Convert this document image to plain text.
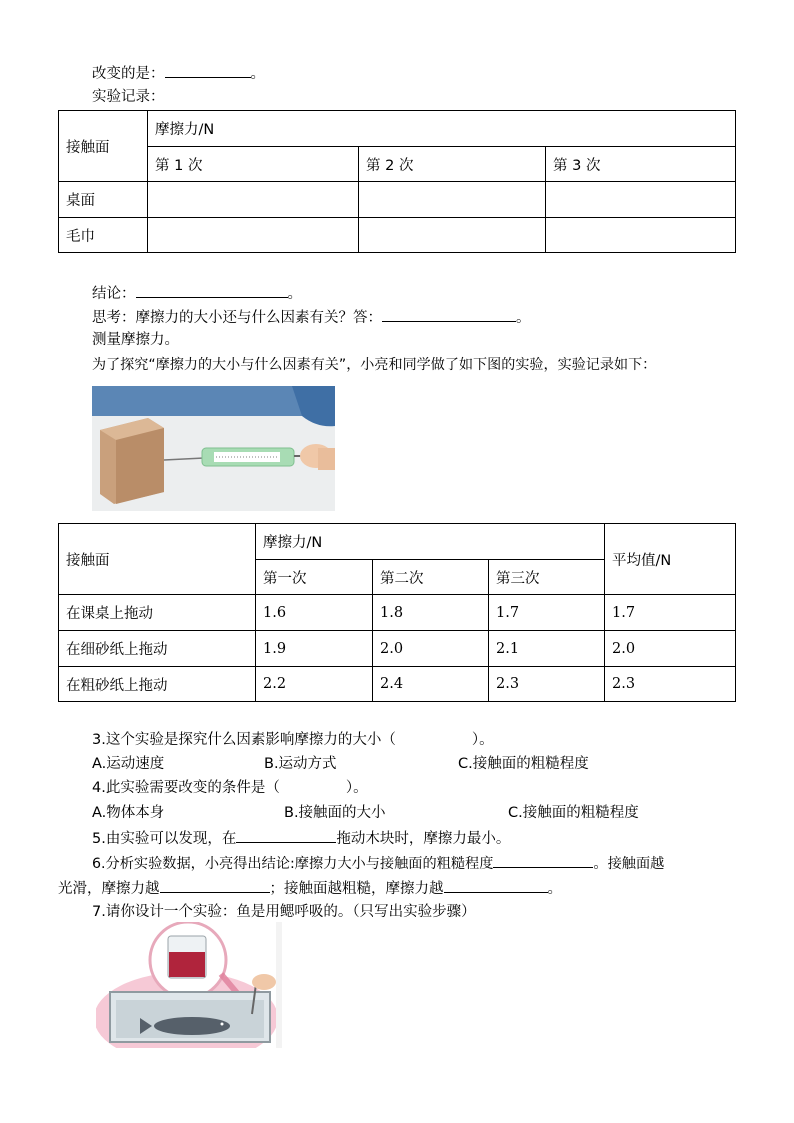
改变的是：	。
实验记录：
接触面	摩擦力/N		
	第 1 次	第 2 次	第 3 次
桌面			
毛巾			
结论：	。
思考：摩擦力的大小还与什么因素有关？答：	。
测量摩擦力。
为了探究“摩擦力的大小与什么因素有关”，小亮和同学做了如下图的实验，实验记录如下：
接触面	摩擦力/N			平均值/N
	第一次	第二次	第三次	
在课桌上拖动	1.6	1.8	1.7	1.7
在细砂纸上拖动	1.9	2.0	2.1	2.0
在粗砂纸上拖动	2.2	2.4	2.3	2.3
3.这个实验是探究什么因素影响摩擦力的大小（	）。
A.运动速度	B.运动方式	C.接触面的粗糙程度
4.此实验需要改变的条件是（	）。
A.物体本身	B.接触面的大小	C.接触面的粗糙程度
5.由实验可以发现，在	拖动木块时，摩擦力最小。
6.分析实验数据，小亮得出结论:摩擦力大小与接触面的粗糙程度	。接触面越
光滑，摩擦力越	；接触面越粗糙，摩擦力越	。
7.请你设计一个实验：鱼是用鳃呼吸的。（只写出实验步骤）
